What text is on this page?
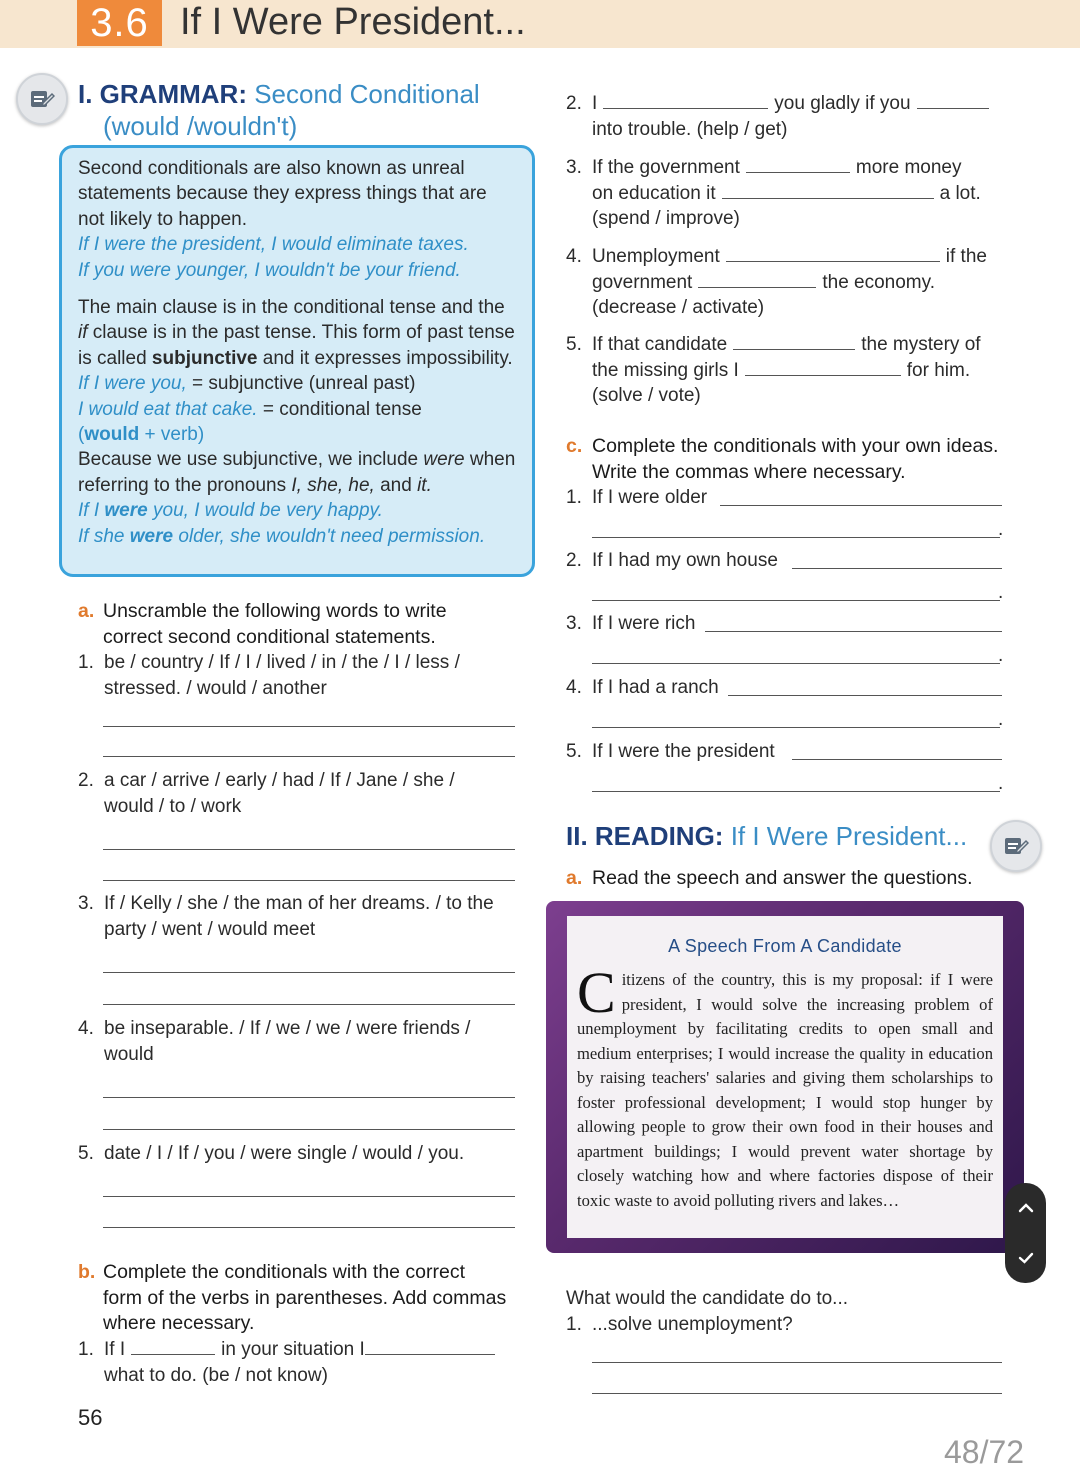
3.6 If I Were President...
I. GRAMMAR: Second Conditional
(would /wouldn't)

Second conditionals are also known as unreal statements because they express things that are not likely to happen.

If I were the president, I would eliminate taxes.

If you were younger, I wouldn't be your friend.

The main clause is in the conditional tense and the if clause is in the past tense. This form of past tense is called subjunctive and it expresses impossibility.

If I were you, = subjunctive (unreal past)

I would eat that cake. = conditional tense

(would + verb)

Because we use subjunctive, we include were when referring to the pronouns I, she, he, and it.

If I were you, I would be very happy.

If she were older, she wouldn't need permission.

a. Unscramble the following words to write correct second conditional statements.
1. be / country / If / I / lived / in / the / I / less / stressed. / would / another
2. a car / arrive / early / had / If / Jane / she / would / to / work
3. If / Kelly / she / the man of her dreams. / to the party / went / would meet
4. be inseparable. / If / we / we / were friends / would
5. date / I / If / you / were single / would / you.
b. Complete the conditionals with the correct form of the verbs in parentheses. Add commas where necessary.
1. If I	in your situation I
what to do. (be / not know)
56
2. I	you gladly if you
into trouble. (help / get)
3. If the government	more money
on education it	a lot.
(spend / improve)
4. Unemployment	if the
government	the economy.
(decrease / activate)
5. If that candidate	the mystery of
the missing girls I	for him.
(solve / vote)
c. Complete the conditionals with your own ideas. Write the commas where necessary.
1. If I were older
.
2. If I had my own house
.
3. If I were rich
.
4. If I had a ranch
.
5. If I were the president
.
II. READING: If I Were President...
a. Read the speech and answer the questions.
A Speech From A Candidate
Citizens of the country, this is my proposal: if I were president, I would solve the increasing problem of unemployment by facilitating credits to open small and medium enterprises; I would increase the quality in education by raising teachers' salaries and giving them scholarships to foster professional development; I would stop hunger by allowing people to grow their own food in their houses and apartment buildings; I would prevent water shortage by closely watching how and where factories dispose of their toxic waste to avoid polluting rivers and lakes…
What would the candidate do to...
1. ...solve unemployment?
48/72
